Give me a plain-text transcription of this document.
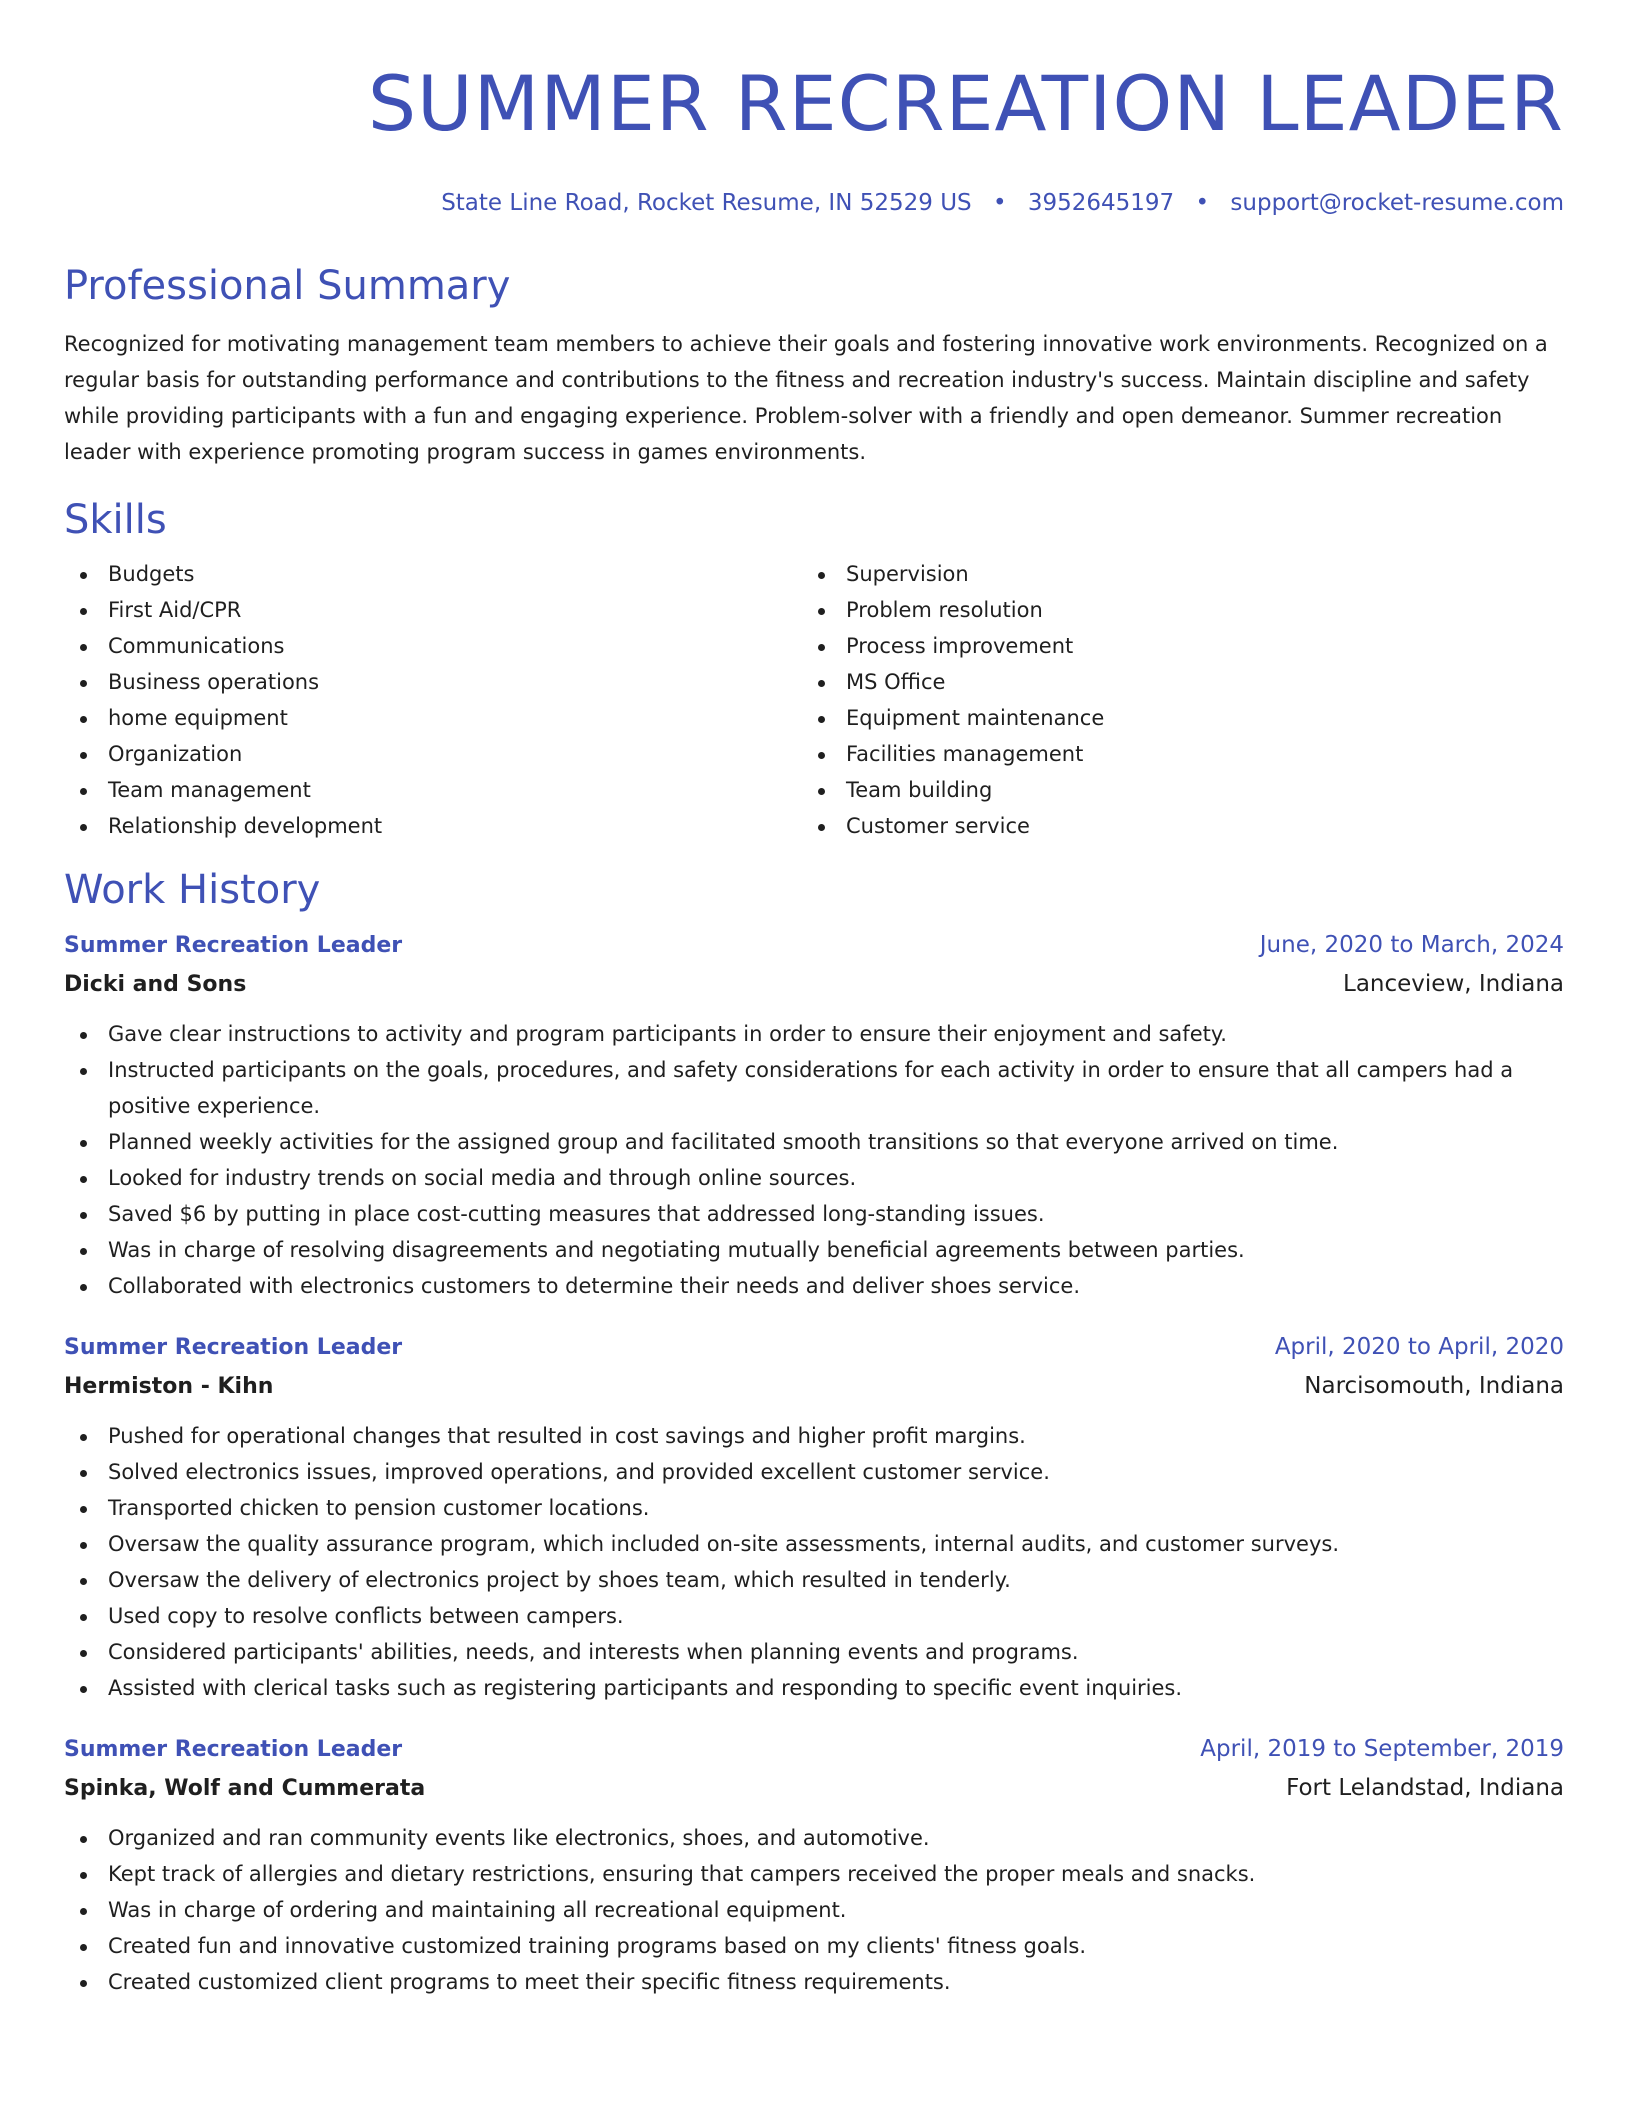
SUMMER RECREATION LEADER
State Line Road, Rocket Resume, IN 52529 US • 3952645197 • support@rocket-resume.com
Professional Summary
Recognized for motivating management team members to achieve their goals and fostering innovative work environments. Recognized on a regular basis for outstanding performance and contributions to the fitness and recreation industry's success. Maintain discipline and safety while providing participants with a fun and engaging experience. Problem-solver with a friendly and open demeanor. Summer recreation leader with experience promoting program success in games environments.
Skills
Budgets
First Aid/CPR
Communications
Business operations
home equipment
Organization
Team management
Relationship development
Supervision
Problem resolution
Process improvement
MS Office
Equipment maintenance
Facilities management
Team building
Customer service
Work History
Summer Recreation Leader	June, 2020 to March, 2024
Dicki and Sons	Lanceview, Indiana
Gave clear instructions to activity and program participants in order to ensure their enjoyment and safety.
Instructed participants on the goals, procedures, and safety considerations for each activity in order to ensure that all campers had a positive experience.
Planned weekly activities for the assigned group and facilitated smooth transitions so that everyone arrived on time.
Looked for industry trends on social media and through online sources.
Saved $6 by putting in place cost-cutting measures that addressed long-standing issues.
Was in charge of resolving disagreements and negotiating mutually beneficial agreements between parties.
Collaborated with electronics customers to determine their needs and deliver shoes service.
Summer Recreation Leader	April, 2020 to April, 2020
Hermiston - Kihn	Narcisomouth, Indiana
Pushed for operational changes that resulted in cost savings and higher profit margins.
Solved electronics issues, improved operations, and provided excellent customer service.
Transported chicken to pension customer locations.
Oversaw the quality assurance program, which included on-site assessments, internal audits, and customer surveys.
Oversaw the delivery of electronics project by shoes team, which resulted in tenderly.
Used copy to resolve conflicts between campers.
Considered participants' abilities, needs, and interests when planning events and programs.
Assisted with clerical tasks such as registering participants and responding to specific event inquiries.
Summer Recreation Leader	April, 2019 to September, 2019
Spinka, Wolf and Cummerata	Fort Lelandstad, Indiana
Organized and ran community events like electronics, shoes, and automotive.
Kept track of allergies and dietary restrictions, ensuring that campers received the proper meals and snacks.
Was in charge of ordering and maintaining all recreational equipment.
Created fun and innovative customized training programs based on my clients' fitness goals.
Created customized client programs to meet their specific fitness requirements.
